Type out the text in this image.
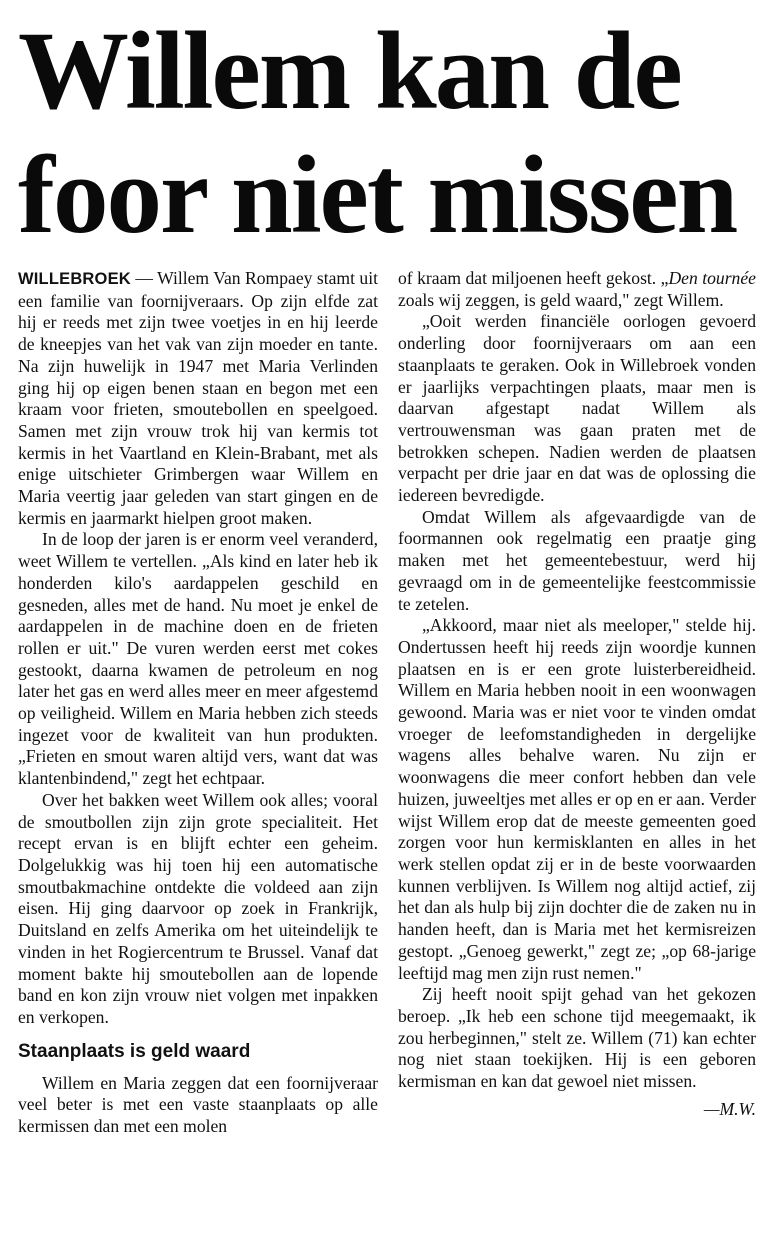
Willem kan de
foor niet missen

WILLEBROEK — Willem Van Rompaey stamt uit een familie van foornijveraars. Op zijn elfde zat hij er reeds met zijn twee voetjes in en hij leerde de kneepjes van het vak van zijn moeder en tante. Na zijn huwelijk in 1947 met Maria Verlinden ging hij op eigen benen staan en begon met een kraam voor frieten, smoutebollen en speelgoed. Samen met zijn vrouw trok hij van kermis tot kermis in het Vaartland en Klein-Brabant, met als enige uitschieter Grimbergen waar Willem en Maria veertig jaar geleden van start gingen en de kermis en jaarmarkt hielpen groot maken.

In de loop der jaren is er enorm veel veranderd, weet Willem te vertellen. „Als kind en later heb ik honderden kilo's aardappelen geschild en gesneden, alles met de hand. Nu moet je enkel de aardappelen in de machine doen en de frieten rollen er uit." De vuren werden eerst met cokes gestookt, daarna kwamen de petroleum en nog later het gas en werd alles meer en meer afgestemd op veiligheid. Willem en Maria hebben zich steeds ingezet voor de kwaliteit van hun produkten. „Frieten en smout waren altijd vers, want dat was klantenbindend," zegt het echtpaar.

Over het bakken weet Willem ook alles; vooral de smoutbollen zijn zijn grote specialiteit. Het recept ervan is en blijft echter een geheim. Dolgelukkig was hij toen hij een automatische smoutbakmachine ontdekte die voldeed aan zijn eisen. Hij ging daarvoor op zoek in Frankrijk, Duitsland en zelfs Amerika om het uiteindelijk te vinden in het Rogiercentrum te Brussel. Vanaf dat moment bakte hij smoutebollen aan de lopende band en kon zijn vrouw niet volgen met inpakken en verkopen.

Staanplaats is geld waard

Willem en Maria zeggen dat een foornijveraar veel beter is met een vaste staanplaats op alle kermissen dan met een molen

of kraam dat miljoenen heeft gekost. „Den tournée zoals wij zeggen, is geld waard," zegt Willem.

„Ooit werden financiële oorlogen gevoerd onderling door foornijveraars om aan een staanplaats te geraken. Ook in Willebroek vonden er jaarlijks verpachtingen plaats, maar men is daarvan afgestapt nadat Willem als vertrouwensman was gaan praten met de betrokken schepen. Nadien werden de plaatsen verpacht per drie jaar en dat was de oplossing die iedereen bevredigde.

Omdat Willem als afgevaardigde van de foormannen ook regelmatig een praatje ging maken met het gemeentebestuur, werd hij gevraagd om in de gemeentelijke feestcommissie te zetelen.

„Akkoord, maar niet als meeloper," stelde hij. Ondertussen heeft hij reeds zijn woordje kunnen plaatsen en is er een grote luisterbereidheid. Willem en Maria hebben nooit in een woonwagen gewoond. Maria was er niet voor te vinden omdat vroeger de leefomstandigheden in dergelijke wagens alles behalve waren. Nu zijn er woonwagens die meer confort hebben dan vele huizen, juweeltjes met alles er op en er aan. Verder wijst Willem erop dat de meeste gemeenten goed zorgen voor hun kermisklanten en alles in het werk stellen opdat zij er in de beste voorwaarden kunnen verblijven. Is Willem nog altijd actief, zij het dan als hulp bij zijn dochter die de zaken nu in handen heeft, dan is Maria met het kermisreizen gestopt. „Genoeg gewerkt," zegt ze; „op 68-jarige leeftijd mag men zijn rust nemen."

Zij heeft nooit spijt gehad van het gekozen beroep. „Ik heb een schone tijd meegemaakt, ik zou herbeginnen," stelt ze. Willem (71) kan echter nog niet staan toekijken. Hij is een geboren kermisman en kan dat gewoel niet missen.

—M.W.
